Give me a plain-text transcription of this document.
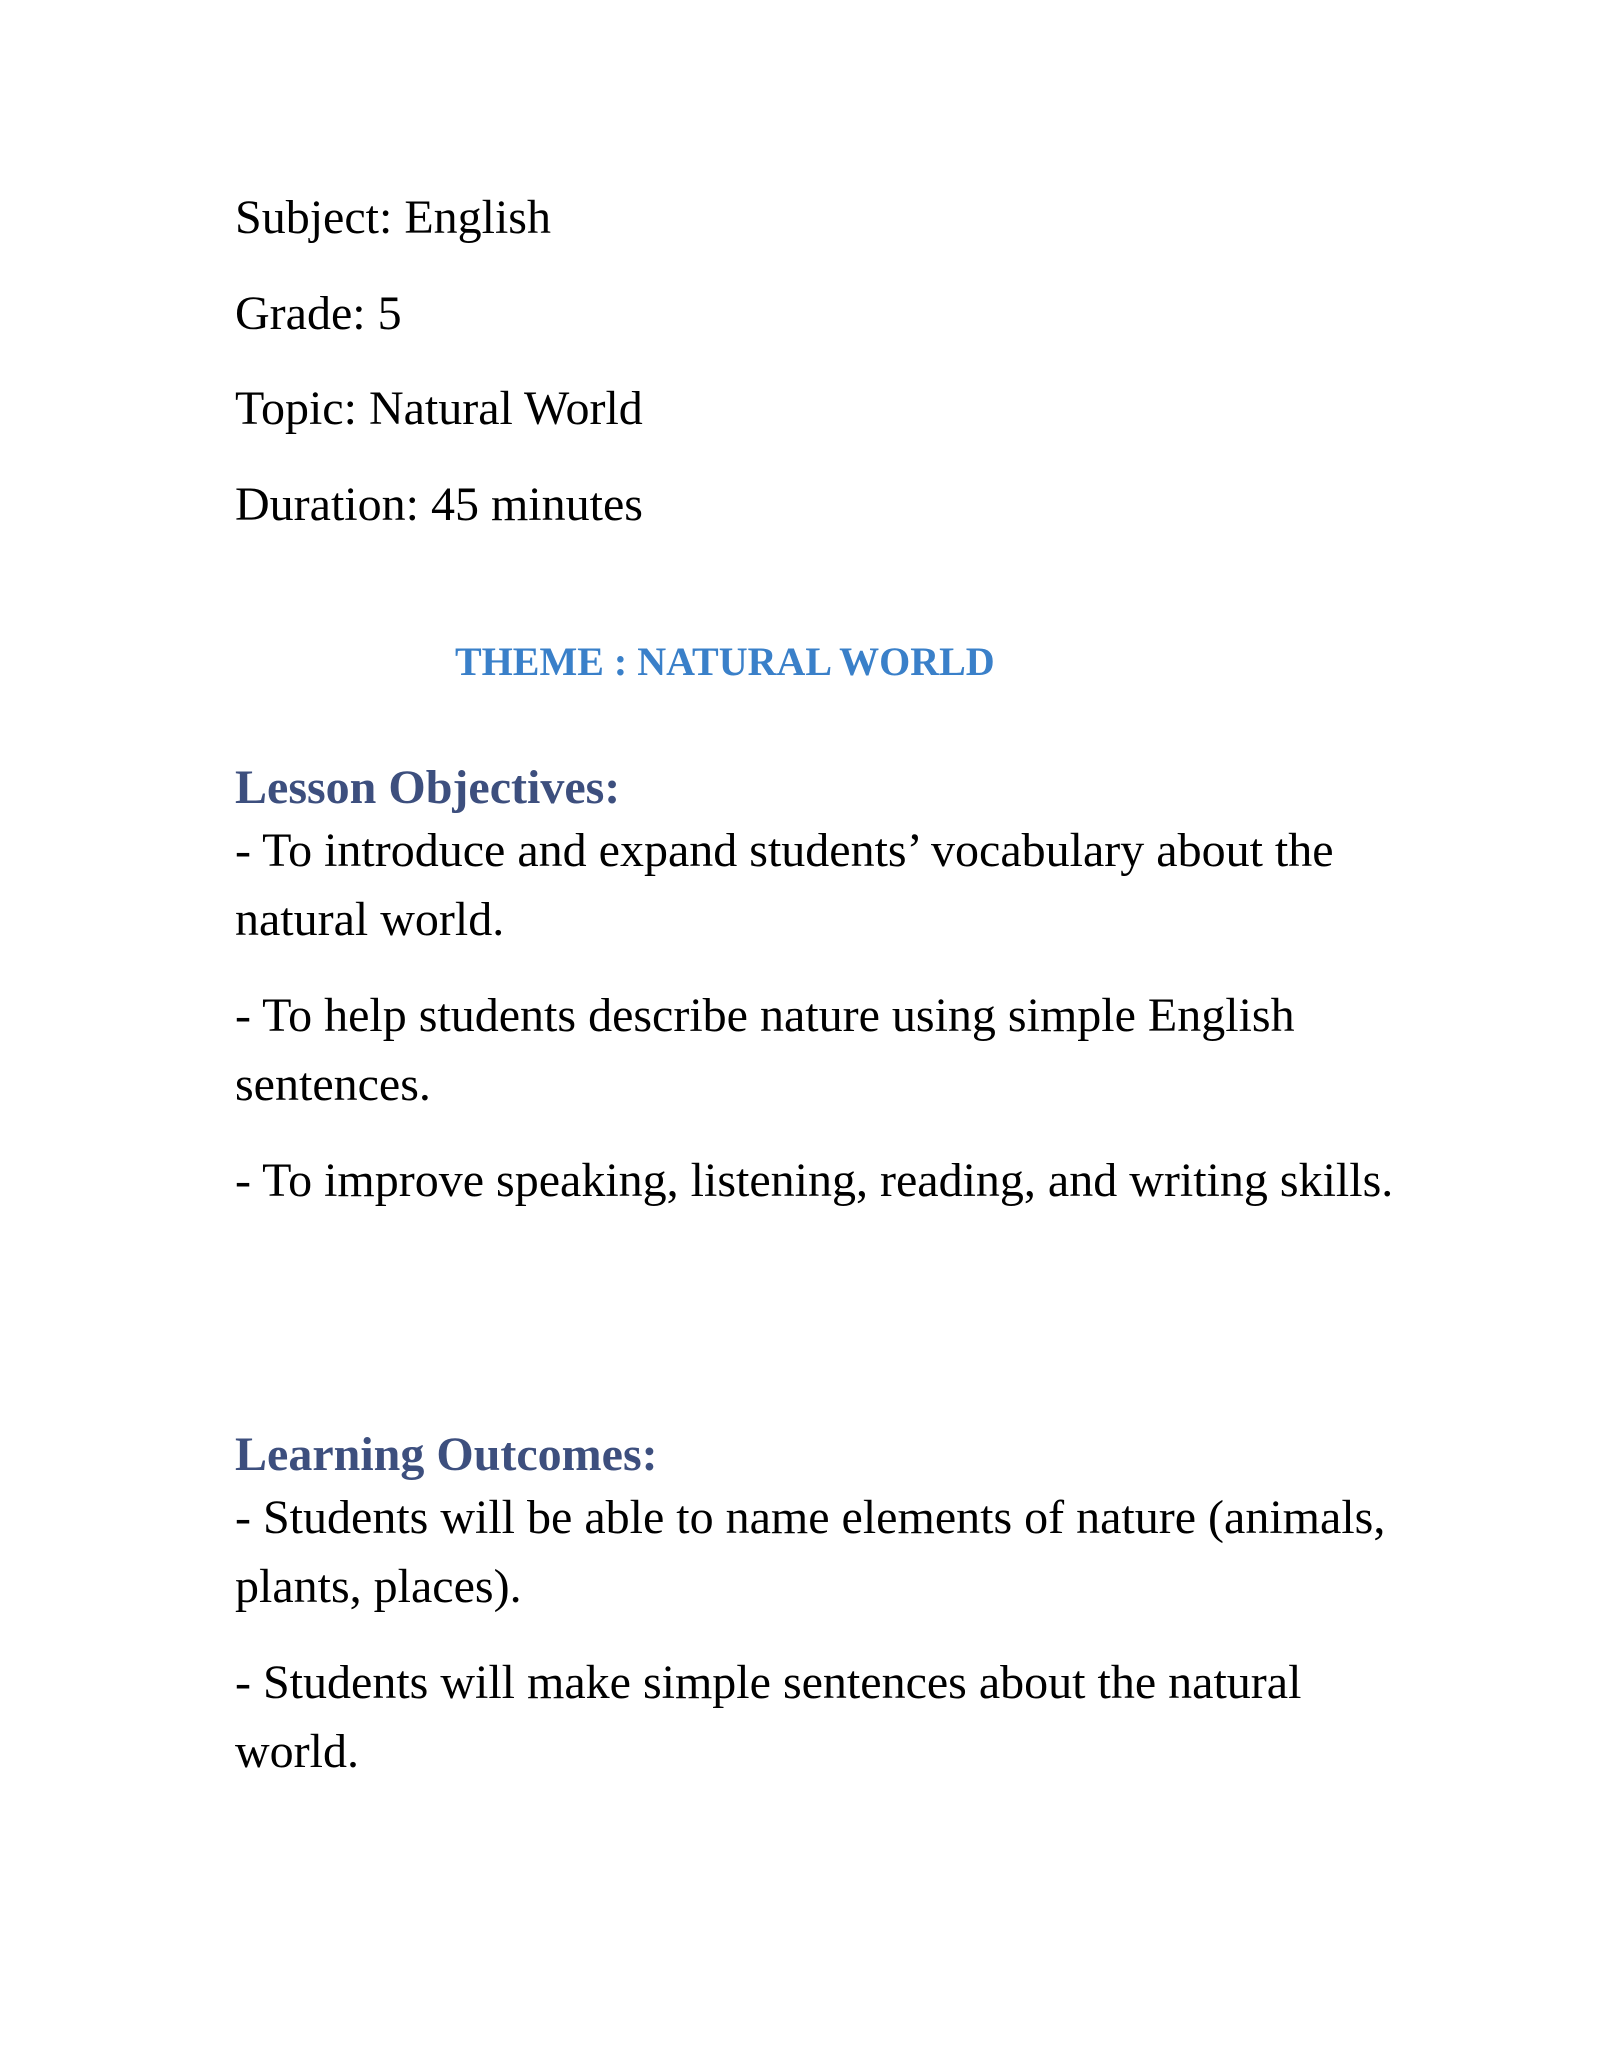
Subject: English

Grade: 5

Topic: Natural World

Duration: 45 minutes

THEME : NATURAL WORLD

Lesson Objectives:

- To introduce and expand students’ vocabulary about the natural world.

- To help students describe nature using simple English sentences.

- To improve speaking, listening, reading, and writing skills.

Learning Outcomes:

- Students will be able to name elements of nature (animals, plants, places).

- Students will make simple sentences about the natural world.
